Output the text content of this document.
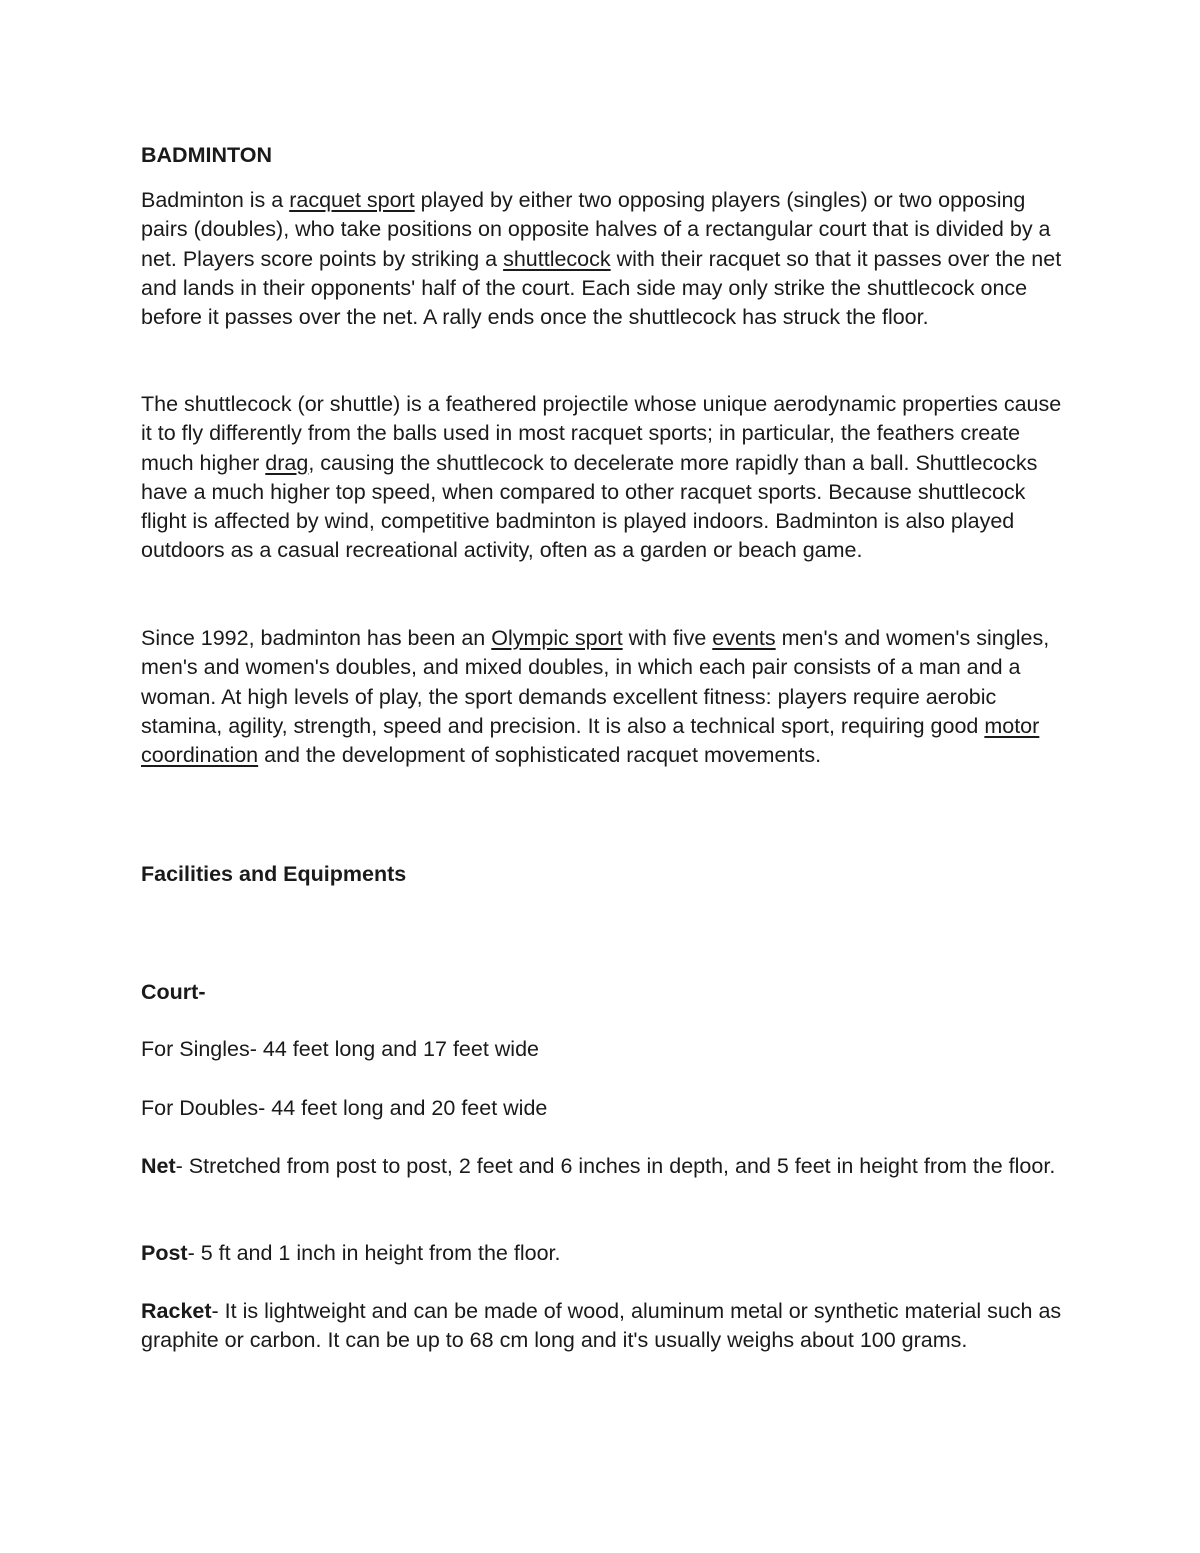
BADMINTON

Badminton is a racquet sport played by either two opposing players (singles) or two opposing pairs (doubles), who take positions on opposite halves of a rectangular court that is divided by a net. Players score points by striking a shuttlecock with their racquet so that it passes over the net and lands in their opponents' half of the court. Each side may only strike the shuttlecock once before it passes over the net. A rally ends once the shuttlecock has struck the floor.

The shuttlecock (or shuttle) is a feathered projectile whose unique aerodynamic properties cause it to fly differently from the balls used in most racquet sports; in particular, the feathers create much higher drag, causing the shuttlecock to decelerate more rapidly than a ball. Shuttlecocks have a much higher top speed, when compared to other racquet sports. Because shuttlecock flight is affected by wind, competitive badminton is played indoors. Badminton is also played outdoors as a casual recreational activity, often as a garden or beach game.

Since 1992, badminton has been an Olympic sport with five events men's and women's singles, men's and women's doubles, and mixed doubles, in which each pair consists of a man and a woman. At high levels of play, the sport demands excellent fitness: players require aerobic stamina, agility, strength, speed and precision. It is also a technical sport, requiring good motor coordination and the development of sophisticated racquet movements.

Facilities and Equipments

Court-

For Singles- 44 feet long and 17 feet wide

For Doubles- 44 feet long and 20 feet wide

Net- Stretched from post to post, 2 feet and 6 inches in depth, and 5 feet in height from the floor.

Post- 5 ft and 1 inch in height from the floor.

Racket- It is lightweight and can be made of wood, aluminum metal or synthetic material such as graphite or carbon. It can be up to 68 cm long and it's usually weighs about 100 grams.
